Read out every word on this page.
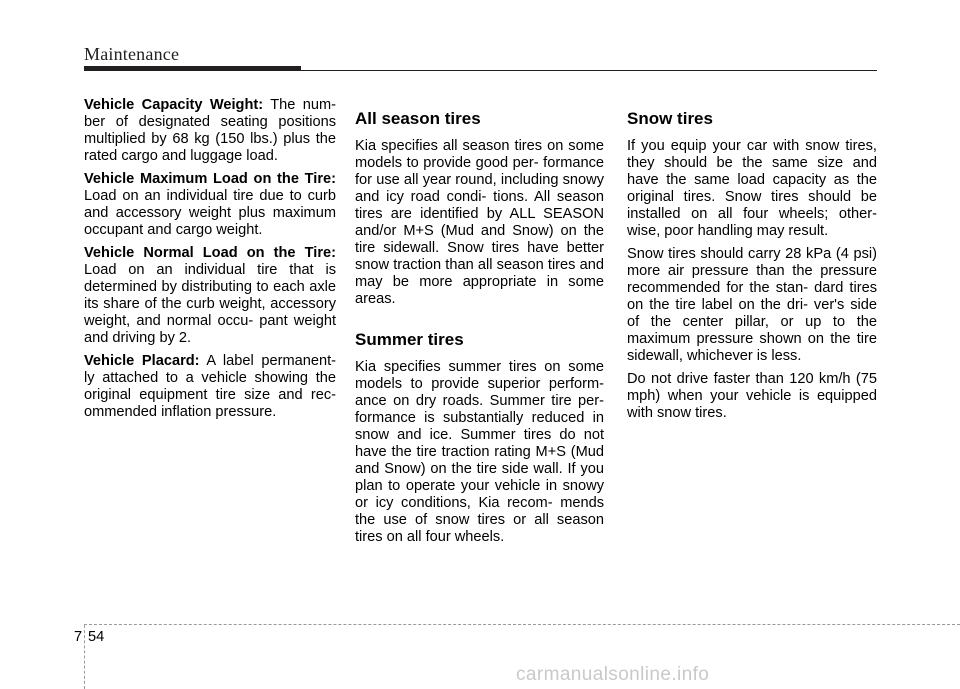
Maintenance

Vehicle Capacity Weight: The num- ber of designated seating positions multiplied by 68 kg (150 lbs.) plus the rated cargo and luggage load.

Vehicle Maximum Load on the Tire: Load on an individual tire due to curb and accessory weight plus maximum occupant and cargo weight.

Vehicle Normal Load on the Tire: Load on an individual tire that is determined by distributing to each axle its share of the curb weight, accessory weight, and normal occu- pant weight and driving by 2.

Vehicle Placard: A label permanent- ly attached to a vehicle showing the original equipment tire size and rec- ommended inflation pressure.

All season tires

Kia specifies all season tires on some models to provide good per- formance for use all year round, including snowy and icy road condi- tions. All season tires are identified by ALL SEASON and/or M+S (Mud and Snow) on the tire sidewall. Snow tires have better snow traction than all season tires and may be more appropriate in some areas.

Summer tires

Kia specifies summer tires on some models to provide superior perform- ance on dry roads. Summer tire per- formance is substantially reduced in snow and ice. Summer tires do not have the tire traction rating M+S (Mud and Snow) on the tire side wall. If you plan to operate your vehicle in snowy or icy conditions, Kia recom- mends the use of snow tires or all season tires on all four wheels.

Snow tires

If you equip your car with snow tires, they should be the same size and have the same load capacity as the original tires. Snow tires should be installed on all four wheels; other- wise, poor handling may result.

Snow tires should carry 28 kPa (4 psi) more air pressure than the pressure recommended for the stan- dard tires on the tire label on the dri- ver's side of the center pillar, or up to the maximum pressure shown on the tire sidewall, whichever is less.

Do not drive faster than 120 km/h (75 mph) when your vehicle is equipped with snow tires.

7 54
carmanualsonline.info
